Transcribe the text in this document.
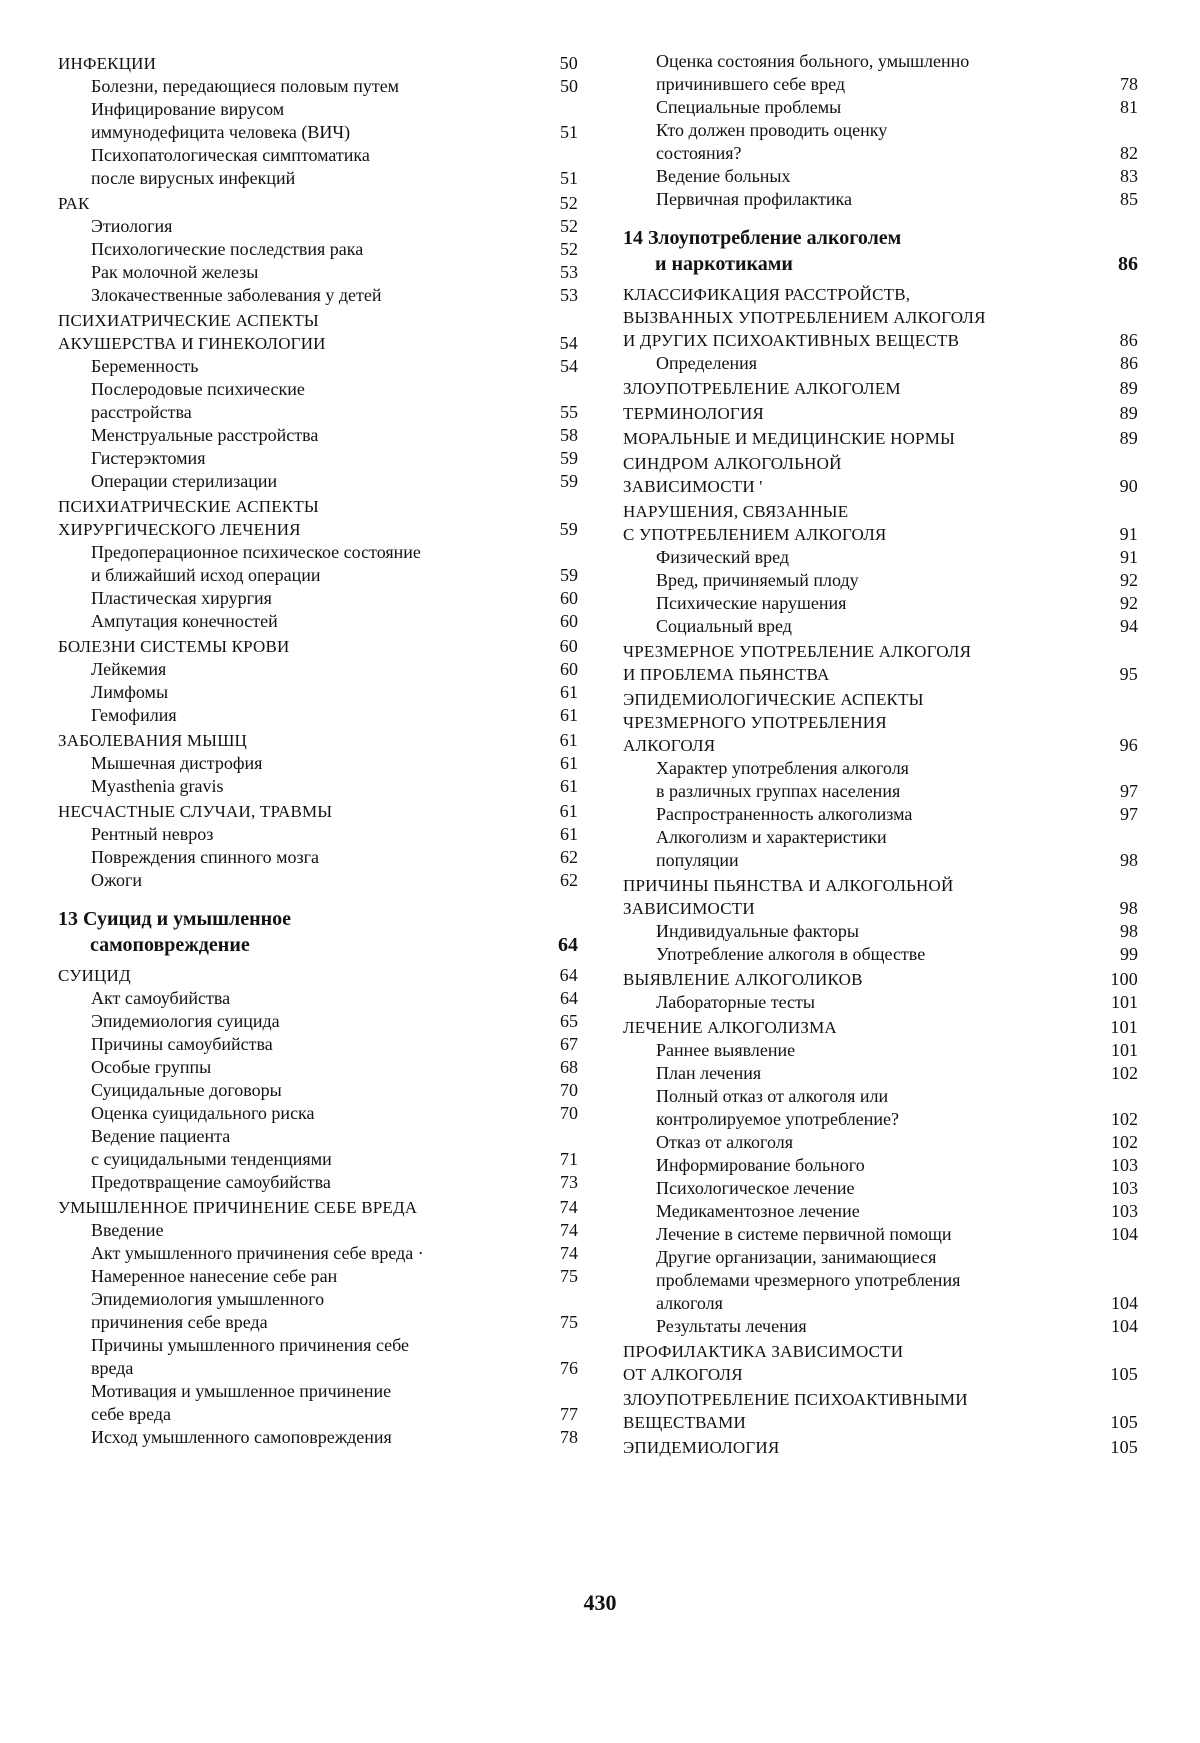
ИНФЕКЦИИ	50
Болезни, передающиеся половым путем	50
Инфицирование вирусом
иммунодефицита человека (ВИЧ)	51
Психопатологическая симптоматика
после вирусных инфекций	51
РАК	52
Этиология	52
Психологические последствия рака	52
Рак молочной железы	53
Злокачественные заболевания у детей	53
ПСИХИАТРИЧЕСКИЕ АСПЕКТЫ
АКУШЕРСТВА И ГИНЕКОЛОГИИ	54
Беременность	54
Послеродовые психические
расстройства	55
Менструальные расстройства	58
Гистерэктомия	59
Операции стерилизации	59
ПСИХИАТРИЧЕСКИЕ АСПЕКТЫ
ХИРУРГИЧЕСКОГО ЛЕЧЕНИЯ	59
Предоперационное психическое состояние
и ближайший исход операции	59
Пластическая хирургия	60
Ампутация конечностей	60
БОЛЕЗНИ СИСТЕМЫ КРОВИ	60
Лейкемия	60
Лимфомы	61
Гемофилия	61
ЗАБОЛЕВАНИЯ МЫШЦ	61
Мышечная дистрофия	61
Myasthenia gravis	61
НЕСЧАСТНЫЕ СЛУЧАИ, ТРАВМЫ	61
Рентный невроз	61
Повреждения спинного мозга	62
Ожоги	62
13 Суицид и умышленное
самоповреждение	64
СУИЦИД	64
Акт самоубийства	64
Эпидемиология суицида	65
Причины самоубийства	67
Особые группы	68
Суицидальные договоры	70
Оценка суицидального риска	70
Ведение пациента
с суицидальными тенденциями	71
Предотвращение самоубийства	73
УМЫШЛЕННОЕ ПРИЧИНЕНИЕ СЕБЕ ВРЕДА	74
Введение	74
Акт умышленного причинения себе вреда ·	74
Намеренное нанесение себе ран	75
Эпидемиология умышленного
причинения себе вреда	75
Причины умышленного причинения себе
вреда	76
Мотивация и умышленное причинение
себе вреда	77
Исход умышленного самоповреждения	78
Оценка состояния больного, умышленно
причинившего себе вред	78
Специальные проблемы	81
Кто должен проводить оценку
состояния?	82
Ведение больных	83
Первичная профилактика	85
14 Злоупотребление алкоголем
и наркотиками	86
КЛАССИФИКАЦИЯ РАССТРОЙСТВ,
ВЫЗВАННЫХ УПОТРЕБЛЕНИЕМ АЛКОГОЛЯ
И ДРУГИХ ПСИХОАКТИВНЫХ ВЕЩЕСТВ	86
Определения	86
ЗЛОУПОТРЕБЛЕНИЕ АЛКОГОЛЕМ	89
ТЕРМИНОЛОГИЯ	89
МОРАЛЬНЫЕ И МЕДИЦИНСКИЕ НОРМЫ	89
СИНДРОМ АЛКОГОЛЬНОЙ
ЗАВИСИМОСТИ '	90
НАРУШЕНИЯ, СВЯЗАННЫЕ
С УПОТРЕБЛЕНИЕМ АЛКОГОЛЯ	91
Физический вред	91
Вред, причиняемый плоду	92
Психические нарушения	92
Социальный вред	94
ЧРЕЗМЕРНОЕ УПОТРЕБЛЕНИЕ АЛКОГОЛЯ
И ПРОБЛЕМА ПЬЯНСТВА	95
ЭПИДЕМИОЛОГИЧЕСКИЕ АСПЕКТЫ
ЧРЕЗМЕРНОГО УПОТРЕБЛЕНИЯ
АЛКОГОЛЯ	96
Характер употребления алкоголя
в различных группах населения	97
Распространенность алкоголизма	97
Алкоголизм и характеристики
популяции	98
ПРИЧИНЫ ПЬЯНСТВА И АЛКОГОЛЬНОЙ
ЗАВИСИМОСТИ	98
Индивидуальные факторы	98
Употребление алкоголя в обществе	99
ВЫЯВЛЕНИЕ АЛКОГОЛИКОВ	100
Лабораторные тесты	101
ЛЕЧЕНИЕ АЛКОГОЛИЗМА	101
Раннее выявление	101
План лечения	102
Полный отказ от алкоголя или
контролируемое употребление?	102
Отказ от алкоголя	102
Информирование больного	103
Психологическое лечение	103
Медикаментозное лечение	103
Лечение в системе первичной помощи	104
Другие организации, занимающиеся
проблемами чрезмерного употребления
алкоголя	104
Результаты лечения	104
ПРОФИЛАКТИКА ЗАВИСИМОСТИ
ОТ АЛКОГОЛЯ	105
ЗЛОУПОТРЕБЛЕНИЕ ПСИХОАКТИВНЫМИ
ВЕЩЕСТВАМИ	105
ЭПИДЕМИОЛОГИЯ	105
430
